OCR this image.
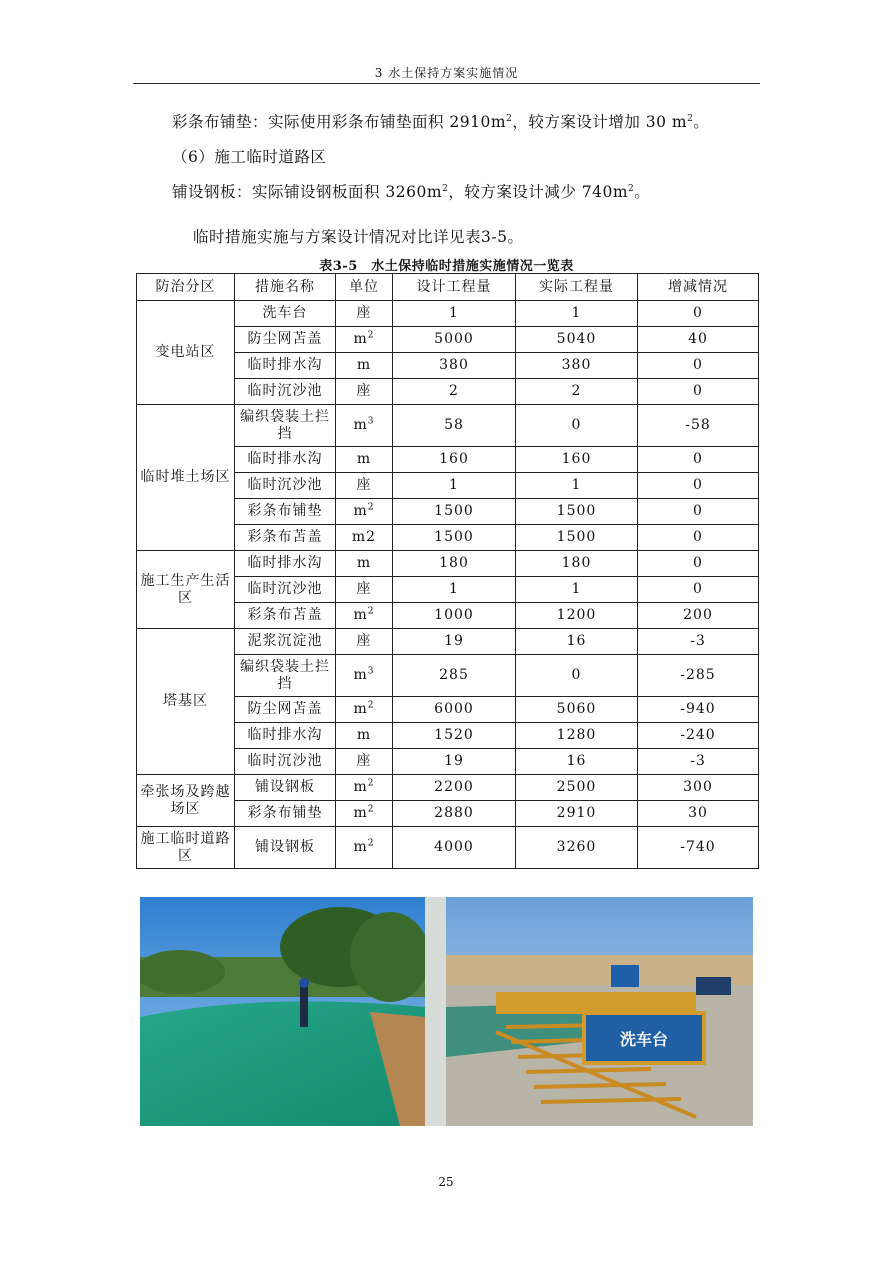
3 水土保持方案实施情况
彩条布铺垫：实际使用彩条布铺垫面积 $2910m^2$，较方案设计增加 30 $m^2$。
（6）施工临时道路区
铺设钢板：实际铺设钢板面积 $3260m^2$，较方案设计减少 $740m^2$。
临时措施实施与方案设计情况对比详见表3-5。
表3-5　水土保持临时措施实施情况一览表
防治分区	措施名称	单位	设计工程量	实际工程量	增减情况
变电站区	洗车台	座	1	1	0
	防尘网苫盖	$m^2$	5000	5040	40
	临时排水沟	m	380	380	0
	临时沉沙池	座	2	2	0
临时堆土场区	编织袋装土拦挡	$m^3$	58	0	-58
	临时排水沟	m	160	160	0
	临时沉沙池	座	1	1	0
	彩条布铺垫	$m^2$	1500	1500	0
	彩条布苫盖	m2	1500	1500	0
施工生产生活区	临时排水沟	m	180	180	0
	临时沉沙池	座	1	1	0
	彩条布苫盖	$m^2$	1000	1200	200
塔基区	泥浆沉淀池	座	19	16	-3
	编织袋装土拦挡	$m^3$	285	0	-285
	防尘网苫盖	$m^2$	6000	5060	-940
	临时排水沟	m	1520	1280	-240
	临时沉沙池	座	19	16	-3
牵张场及跨越场区	铺设钢板	$m^2$	2200	2500	300
	彩条布铺垫	$m^2$	2880	2910	30
施工临时道路区	铺设钢板	$m^2$	4000	3260	-740
洗车台
25
